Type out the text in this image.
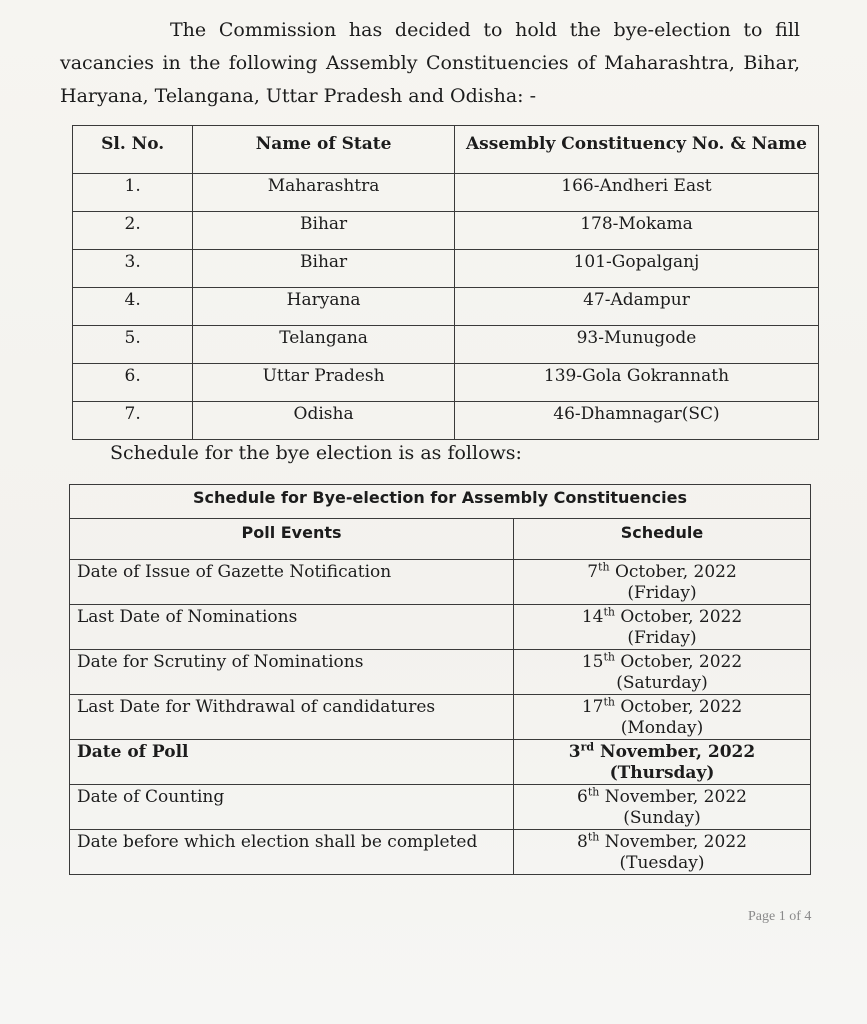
The Commission has decided to hold the bye-election to fill vacancies in the following Assembly Constituencies of Maharashtra, Bihar, Haryana, Telangana, Uttar Pradesh and Odisha: -
Sl. No.	Name of State	Assembly Constituency No. & Name
1.	Maharashtra	166-Andheri East
2.	Bihar	178-Mokama
3.	Bihar	101-Gopalganj
4.	Haryana	47-Adampur
5.	Telangana	93-Munugode
6.	Uttar Pradesh	139-Gola Gokrannath
7.	Odisha	46-Dhamnagar(SC)
Schedule for the bye election is as follows:
Schedule for Bye-election for Assembly Constituencies	
Poll Events	Schedule
Date of Issue of Gazette Notification	7th October, 2022
(Friday)
Last Date of Nominations	14th October, 2022
(Friday)
Date for Scrutiny of Nominations	15th October, 2022
(Saturday)
Last Date for Withdrawal of candidatures	17th October, 2022
(Monday)
Date of Poll	3rd November, 2022
(Thursday)
Date of Counting	6th November, 2022
(Sunday)
Date before which election shall be completed	8th November, 2022
(Tuesday)
Page 1 of 4
